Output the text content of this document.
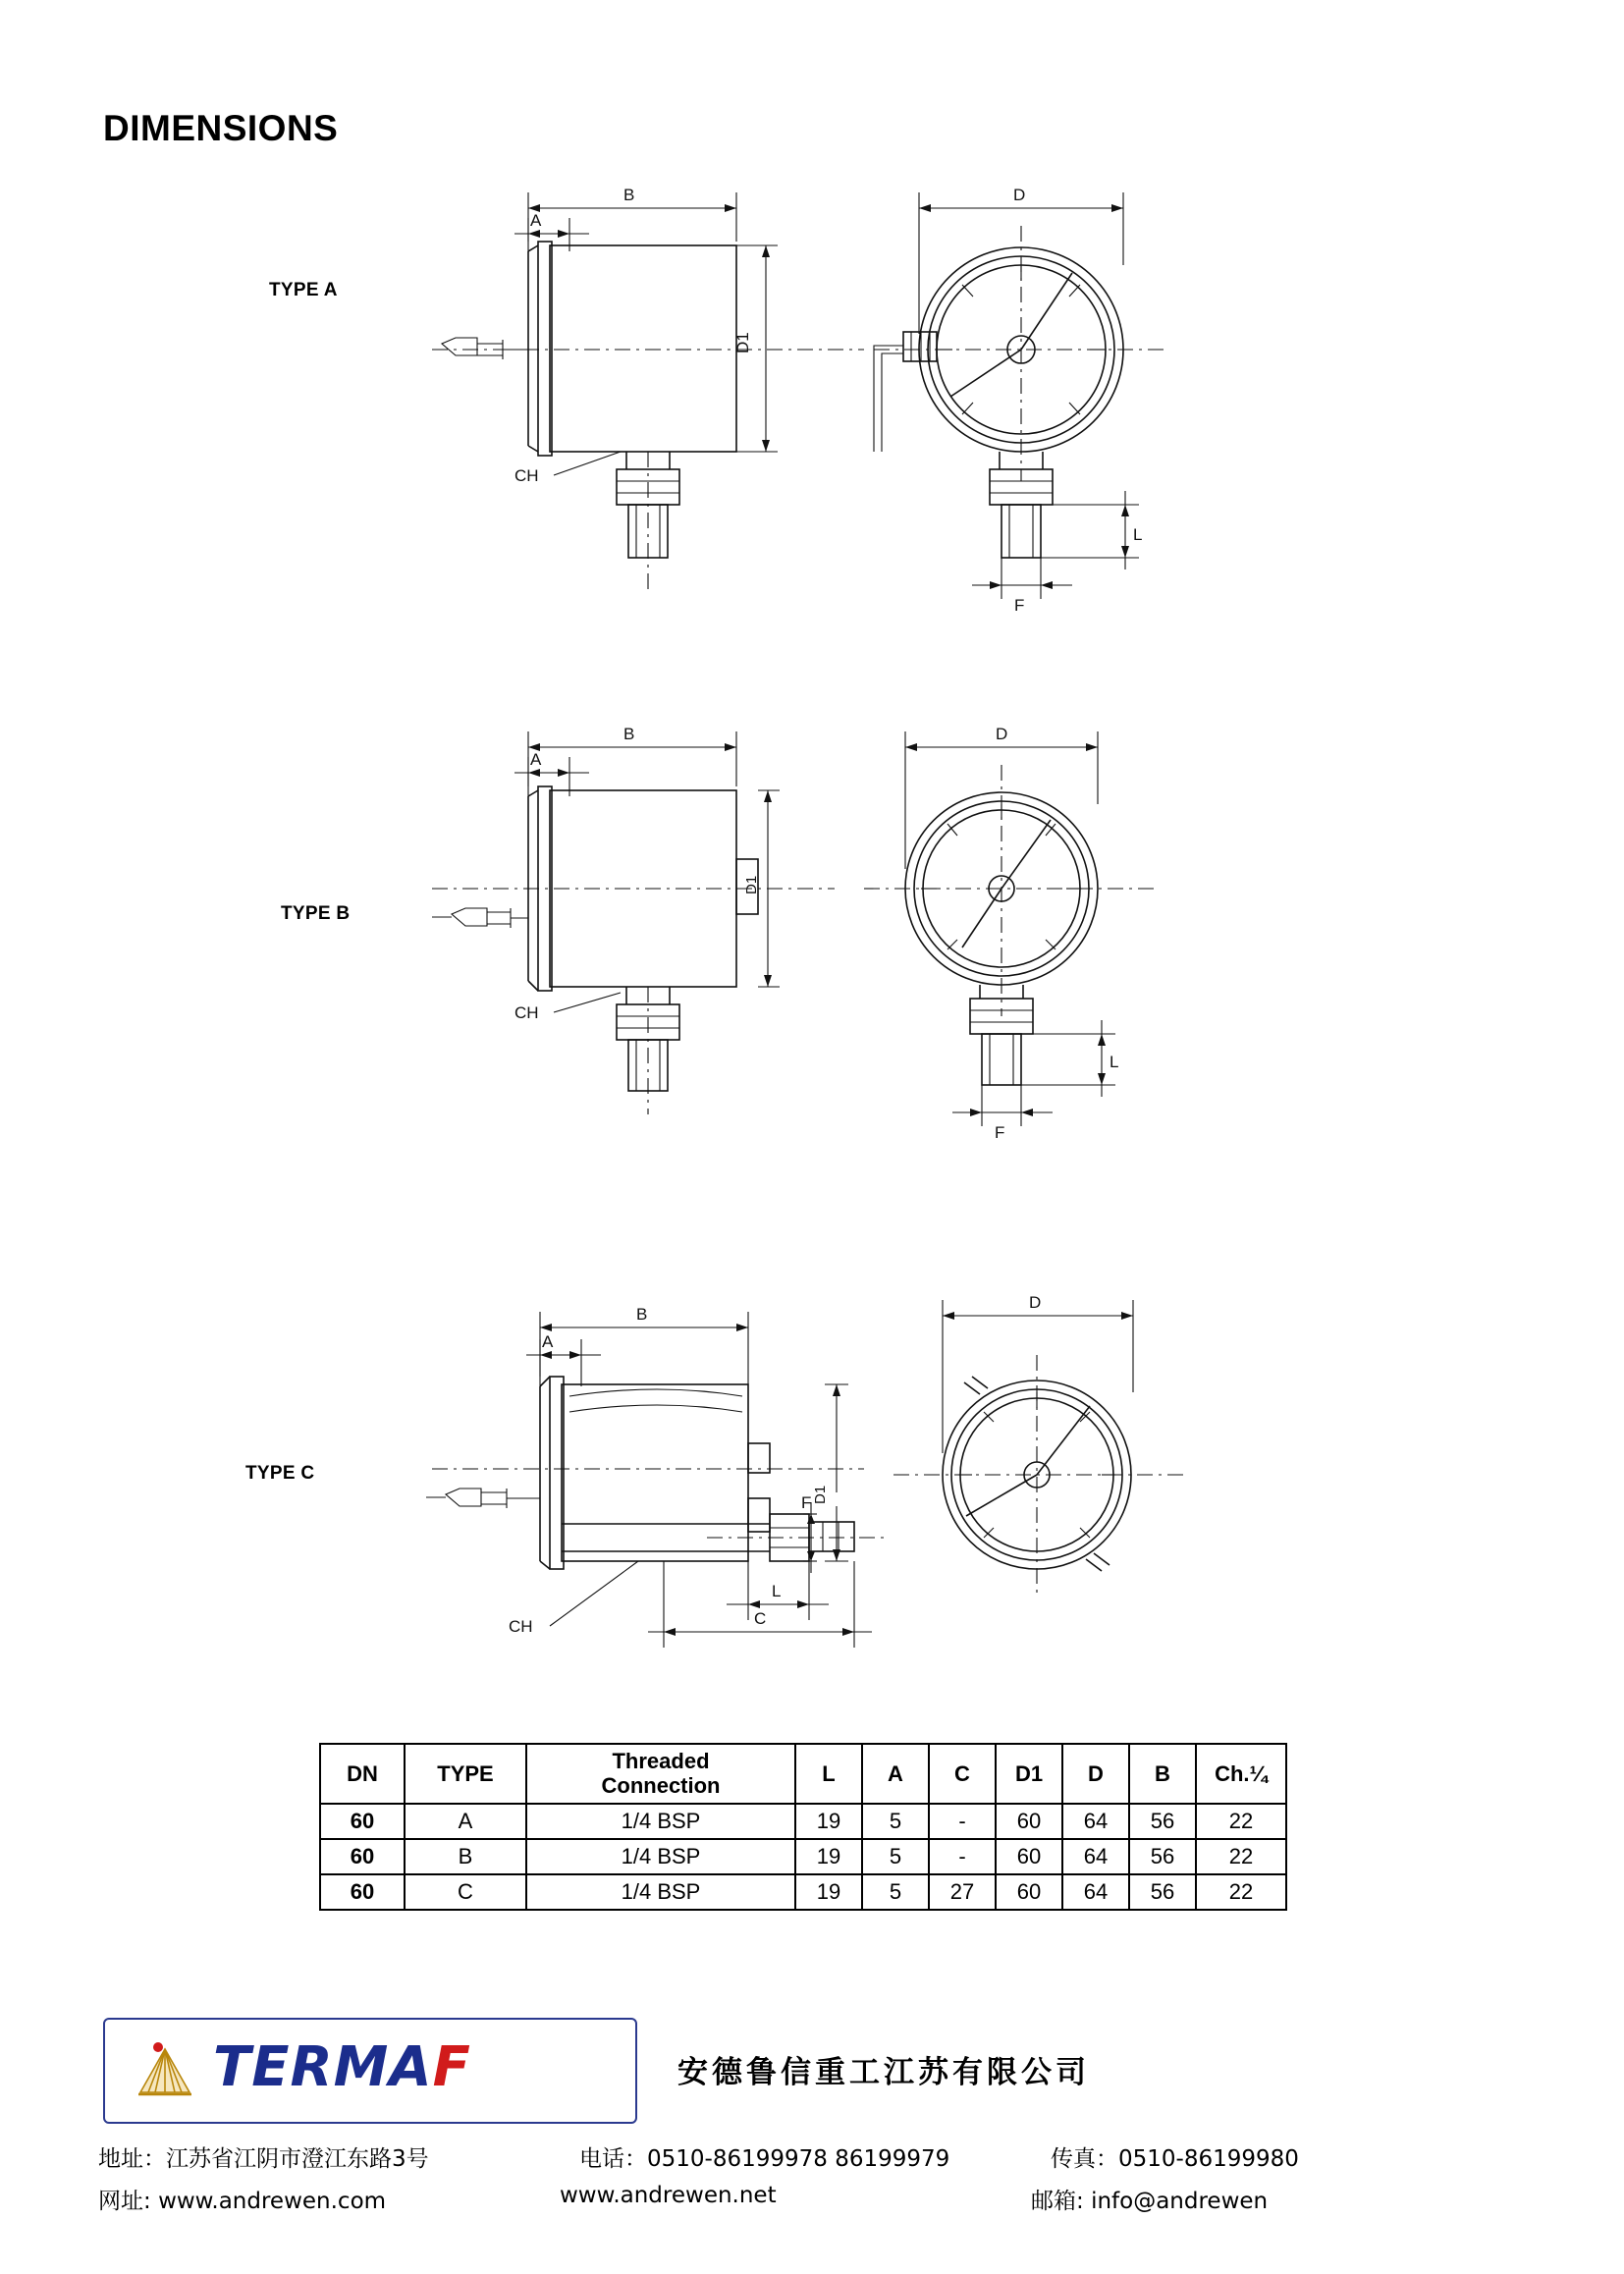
DIMENSIONS
TYPE A
B
A
D1
CH
D
L
F
TYPE B
B
A
D1
CH
D
L
F
TYPE C
B
A
D1
F
CH
L
C
D
DN	TYPE	Threaded
Connection	L	A	C	D1	D	B	Ch.¼
60	A	1/4 BSP	19	5	-	60	64	56	22
60	B	1/4 BSP	19	5	-	60	64	56	22
60	C	1/4 BSP	19	5	27	60	64	56	22
TERMAF	安德鲁信重工江苏有限公司
地址：江苏省江阴市澄江东路3号	电话：0510-86199978 86199979	传真：0510-86199980
网址: www.andrewen.com	www.andrewen.net	邮箱: info@andrewen
